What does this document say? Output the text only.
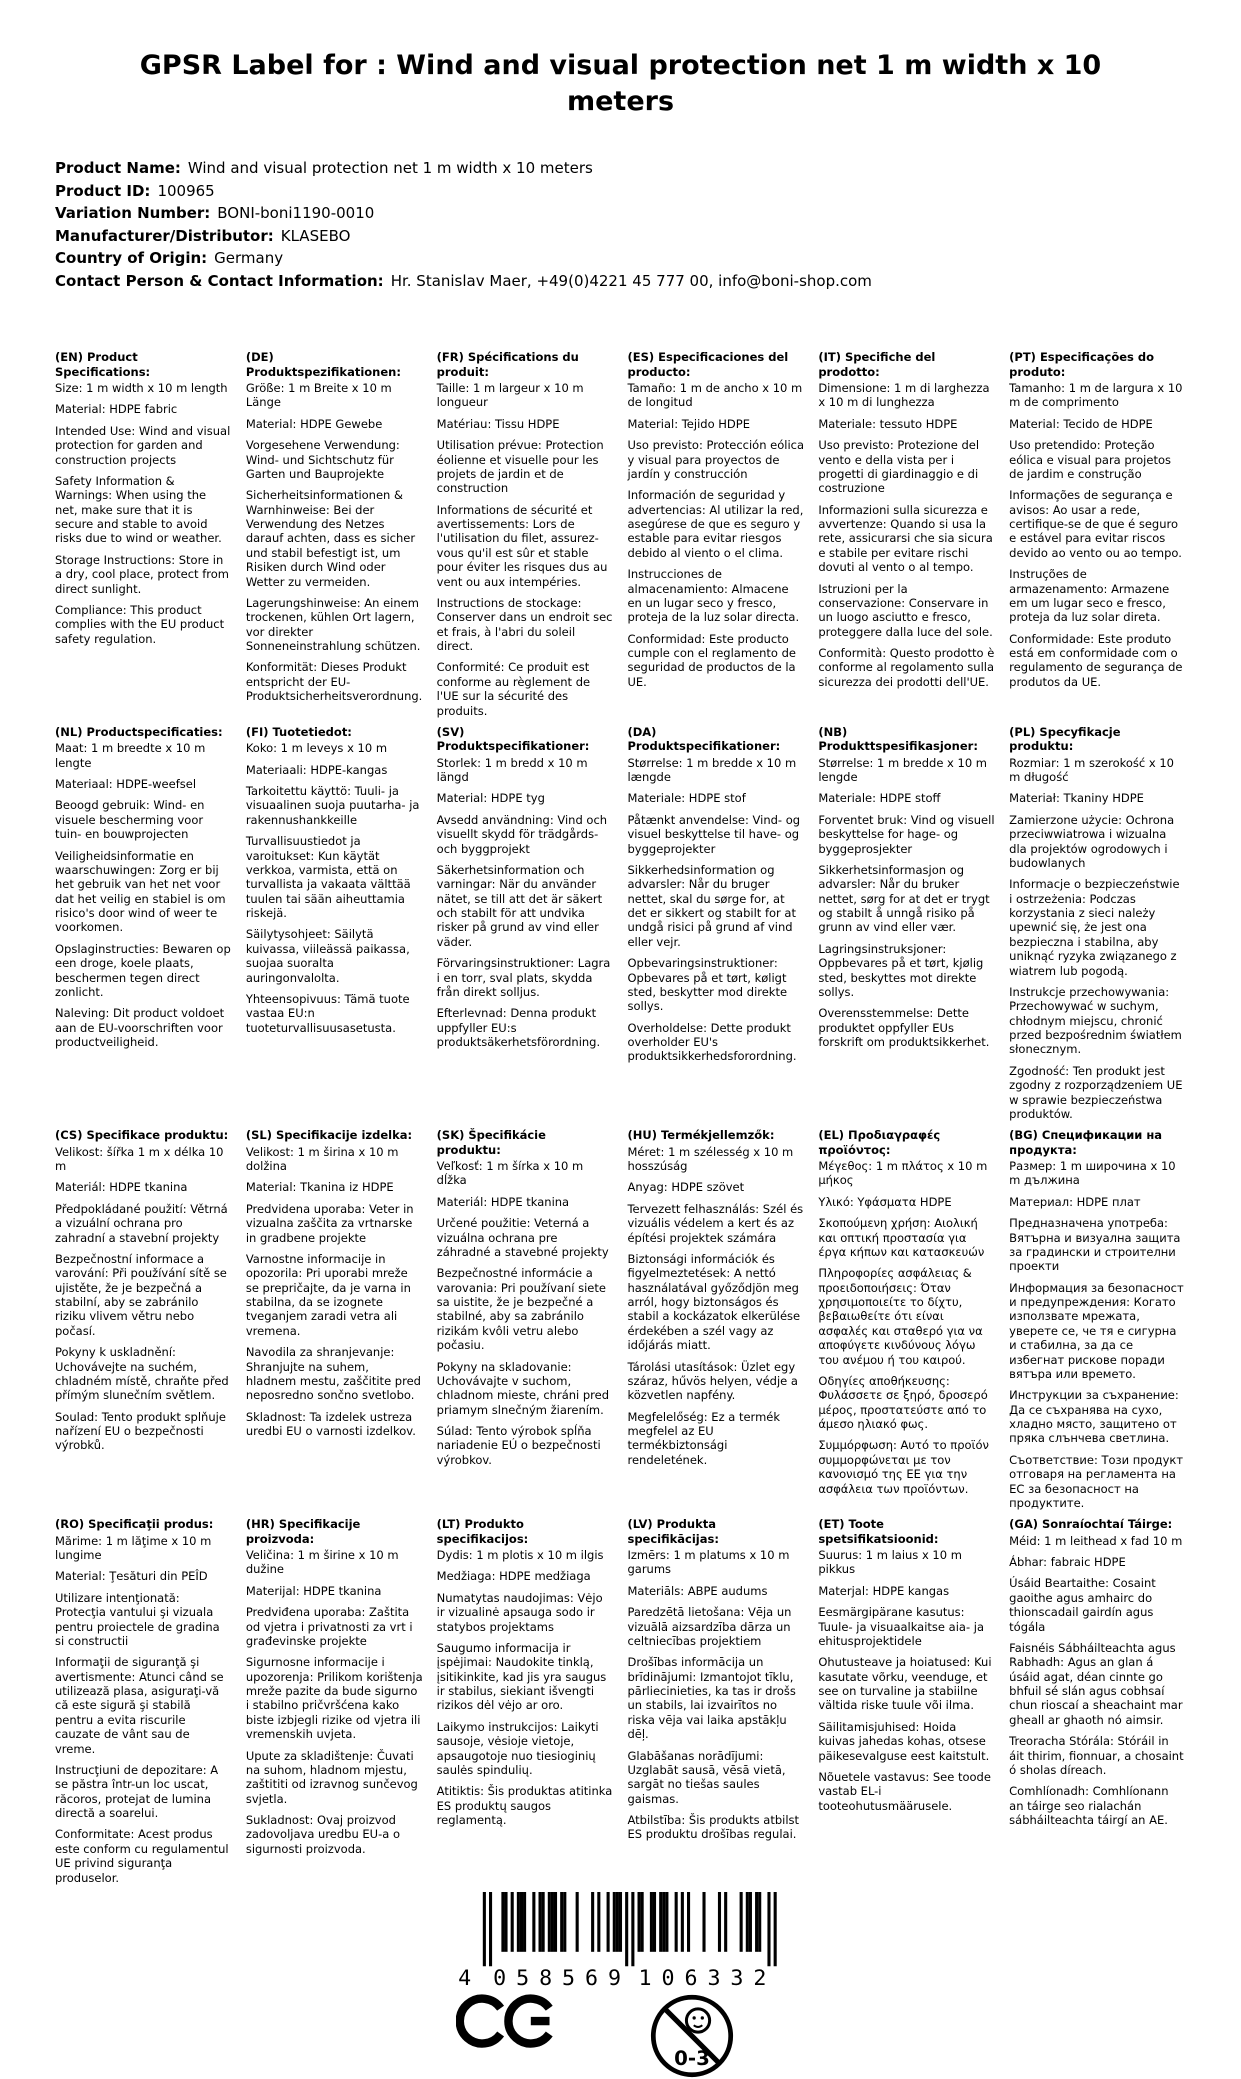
GPSR Label for : Wind and visual protection net 1 m width x 10 meters
Product Name: Wind and visual protection net 1 m width x 10 meters
Product ID: 100965
Variation Number: BONI-boni1190-0010
Manufacturer/Distributor: KLASEBO
Country of Origin: Germany
Contact Person & Contact Information: Hr. Stanislav Maer, +49(0)4221 45 777 00, info@boni-shop.com
(EN) Product Specifications:
Size: 1 m width x 10 m length
Material: HDPE fabric
Intended Use: Wind and visual protection for garden and construction projects
Safety Information & Warnings: When using the net, make sure that it is secure and stable to avoid risks due to wind or weather.
Storage Instructions: Store in a dry, cool place, protect from direct sunlight.
Compliance: This product complies with the EU product safety regulation.
(DE) Produktspezifikationen:
Größe: 1 m Breite x 10 m Länge
Material: HDPE Gewebe
Vorgesehene Verwendung: Wind- und Sichtschutz für Garten und Bauprojekte
Sicherheitsinformationen & Warnhinweise: Bei der Verwendung des Netzes darauf achten, dass es sicher und stabil befestigt ist, um Risiken durch Wind oder Wetter zu vermeiden.
Lagerungshinweise: An einem trockenen, kühlen Ort lagern, vor direkter Sonneneinstrahlung schützen.
Konformität: Dieses Produkt entspricht der EU-Produktsicherheitsverordnung.
(FR) Spécifications du produit:
Taille: 1 m largeur x 10 m longueur
Matériau: Tissu HDPE
Utilisation prévue: Protection éolienne et visuelle pour les projets de jardin et de construction
Informations de sécurité et avertissements: Lors de l'utilisation du filet, assurez-vous qu'il est sûr et stable pour éviter les risques dus au vent ou aux intempéries.
Instructions de stockage: Conserver dans un endroit sec et frais, à l'abri du soleil direct.
Conformité: Ce produit est conforme au règlement de l'UE sur la sécurité des produits.
(ES) Especificaciones del producto:
Tamaño: 1 m de ancho x 10 m de longitud
Material: Tejido HDPE
Uso previsto: Protección eólica y visual para proyectos de jardín y construcción
Información de seguridad y advertencias: Al utilizar la red, asegúrese de que es seguro y estable para evitar riesgos debido al viento o el clima.
Instrucciones de almacenamiento: Almacene en un lugar seco y fresco, proteja de la luz solar directa.
Conformidad: Este producto cumple con el reglamento de seguridad de productos de la UE.
(IT) Specifiche del prodotto:
Dimensione: 1 m di larghezza x 10 m di lunghezza
Materiale: tessuto HDPE
Uso previsto: Protezione del vento e della vista per i progetti di giardinaggio e di costruzione
Informazioni sulla sicurezza e avvertenze: Quando si usa la rete, assicurarsi che sia sicura e stabile per evitare rischi dovuti al vento o al tempo.
Istruzioni per la conservazione: Conservare in un luogo asciutto e fresco, proteggere dalla luce del sole.
Conformità: Questo prodotto è conforme al regolamento sulla sicurezza dei prodotti dell'UE.
(PT) Especificações do produto:
Tamanho: 1 m de largura x 10 m de comprimento
Material: Tecido de HDPE
Uso pretendido: Proteção eólica e visual para projetos de jardim e construção
Informações de segurança e avisos: Ao usar a rede, certifique-se de que é seguro e estável para evitar riscos devido ao vento ou ao tempo.
Instruções de armazenamento: Armazene em um lugar seco e fresco, proteja da luz solar direta.
Conformidade: Este produto está em conformidade com o regulamento de segurança de produtos da UE.
(NL) Productspecificaties:
Maat: 1 m breedte x 10 m lengte
Materiaal: HDPE-weefsel
Beoogd gebruik: Wind- en visuele bescherming voor tuin- en bouwprojecten
Veiligheidsinformatie en waarschuwingen: Zorg er bij het gebruik van het net voor dat het veilig en stabiel is om risico's door wind of weer te voorkomen.
Opslaginstructies: Bewaren op een droge, koele plaats, beschermen tegen direct zonlicht.
Naleving: Dit product voldoet aan de EU-voorschriften voor productveiligheid.
(FI) Tuotetiedot:
Koko: 1 m leveys x 10 m
Materiaali: HDPE-kangas
Tarkoitettu käyttö: Tuuli- ja visuaalinen suoja puutarha- ja rakennushankkeille
Turvallisuustiedot ja varoitukset: Kun käytät verkkoa, varmista, että on turvallista ja vakaata välttää tuulen tai sään aiheuttamia riskejä.
Säilytysohjeet: Säilytä kuivassa, viileässä paikassa, suojaa suoralta auringonvalolta.
Yhteensopivuus: Tämä tuote vastaa EU:n tuoteturvallisuusasetusta.
(SV) Produktspecifikationer:
Storlek: 1 m bredd x 10 m längd
Material: HDPE tyg
Avsedd användning: Vind och visuellt skydd för trädgårds- och byggprojekt
Säkerhetsinformation och varningar: När du använder nätet, se till att det är säkert och stabilt för att undvika risker på grund av vind eller väder.
Förvaringsinstruktioner: Lagra i en torr, sval plats, skydda från direkt solljus.
Efterlevnad: Denna produkt uppfyller EU:s produktsäkerhetsförordning.
(DA) Produktspecifikationer:
Størrelse: 1 m bredde x 10 m længde
Materiale: HDPE stof
Påtænkt anvendelse: Vind- og visuel beskyttelse til have- og byggeprojekter
Sikkerhedsinformation og advarsler: Når du bruger nettet, skal du sørge for, at det er sikkert og stabilt for at undgå risici på grund af vind eller vejr.
Opbevaringsinstruktioner: Opbevares på et tørt, køligt sted, beskytter mod direkte sollys.
Overholdelse: Dette produkt overholder EU's produktsikkerhedsforordning.
(NB) Produkttspesifikasjoner:
Størrelse: 1 m bredde x 10 m lengde
Materiale: HDPE stoff
Forventet bruk: Vind og visuell beskyttelse for hage- og byggeprosjekter
Sikkerhetsinformasjon og advarsler: Når du bruker nettet, sørg for at det er trygt og stabilt å unngå risiko på grunn av vind eller vær.
Lagringsinstruksjoner: Oppbevares på et tørt, kjølig sted, beskyttes mot direkte sollys.
Overensstemmelse: Dette produktet oppfyller EUs forskrift om produktsikkerhet.
(PL) Specyfikacje produktu:
Rozmiar: 1 m szerokość x 10 m długość
Materiał: Tkaniny HDPE
Zamierzone użycie: Ochrona przeciwwiatrowa i wizualna dla projektów ogrodowych i budowlanych
Informacje o bezpieczeństwie i ostrzeżenia: Podczas korzystania z sieci należy upewnić się, że jest ona bezpieczna i stabilna, aby uniknąć ryzyka związanego z wiatrem lub pogodą.
Instrukcje przechowywania: Przechowywać w suchym, chłodnym miejscu, chronić przed bezpośrednim światłem słonecznym.
Zgodność: Ten produkt jest zgodny z rozporządzeniem UE w sprawie bezpieczeństwa produktów.
(CS) Specifikace produktu:
Velikost: šířka 1 m x délka 10 m
Materiál: HDPE tkanina
Předpokládané použití: Větrná a vizuální ochrana pro zahradní a stavební projekty
Bezpečnostní informace a varování: Při používání sítě se ujistěte, že je bezpečná a stabilní, aby se zabránilo riziku vlivem větru nebo počasí.
Pokyny k uskladnění: Uchovávejte na suchém, chladném místě, chraňte před přímým slunečním světlem.
Soulad: Tento produkt splňuje nařízení EU o bezpečnosti výrobků.
(SL) Specifikacije izdelka:
Velikost: 1 m širina x 10 m dolžina
Material: Tkanina iz HDPE
Predvidena uporaba: Veter in vizualna zaščita za vrtnarske in gradbene projekte
Varnostne informacije in opozorila: Pri uporabi mreže se prepričajte, da je varna in stabilna, da se izognete tveganjem zaradi vetra ali vremena.
Navodila za shranjevanje: Shranjujte na suhem, hladnem mestu, zaščitite pred neposredno sončno svetlobo.
Skladnost: Ta izdelek ustreza uredbi EU o varnosti izdelkov.
(SK) Špecifikácie produktu:
Veľkosť: 1 m šírka x 10 m dĺžka
Materiál: HDPE tkanina
Určené použitie: Veterná a vizuálna ochrana pre záhradné a stavebné projekty
Bezpečnostné informácie a varovania: Pri používaní siete sa uistite, že je bezpečné a stabilné, aby sa zabránilo rizikám kvôli vetru alebo počasiu.
Pokyny na skladovanie: Uchovávajte v suchom, chladnom mieste, chráni pred priamym slnečným žiarením.
Súlad: Tento výrobok spĺňa nariadenie EÚ o bezpečnosti výrobkov.
(HU) Termékjellemzők:
Méret: 1 m szélesség x 10 m hosszúság
Anyag: HDPE szövet
Tervezett felhasználás: Szél és vizuális védelem a kert és az építési projektek számára
Biztonsági információk és figyelmeztetések: A nettó használatával győződjön meg arról, hogy biztonságos és stabil a kockázatok elkerülése érdekében a szél vagy az időjárás miatt.
Tárolási utasítások: Üzlet egy száraz, hűvös helyen, védje a közvetlen napfény.
Megfelelőség: Ez a termék megfelel az EU termékbiztonsági rendeletének.
(EL) Προδιαγραφές προϊόντος:
Μέγεθος: 1 m πλάτος x 10 m μήκος
Υλικό: Υφάσματα HDPE
Σκοπούμενη χρήση: Αιολική και οπτική προστασία για έργα κήπων και κατασκευών
Πληροφορίες ασφάλειας & προειδοποιήσεις: Όταν χρησιμοποιείτε το δίχτυ, βεβαιωθείτε ότι είναι ασφαλές και σταθερό για να αποφύγετε κινδύνους λόγω του ανέμου ή του καιρού.
Οδηγίες αποθήκευσης: Φυλάσσετε σε ξηρό, δροσερό μέρος, προστατεύστε από το άμεσο ηλιακό φως.
Συμμόρφωση: Αυτό το προϊόν συμμορφώνεται με τον κανονισμό της ΕΕ για την ασφάλεια των προϊόντων.
(BG) Спецификации на продукта:
Размер: 1 m широчина x 10 m дължина
Материал: HDPE плат
Предназначена употреба: Вятърна и визуална защита за градински и строителни проекти
Информация за безопасност и предупреждения: Когато използвате мрежата, уверете се, че тя е сигурна и стабилна, за да се избегнат рискове поради вятъра или времето.
Инструкции за съхранение: Да се съхранява на сухо, хладно място, защитено от пряка слънчева светлина.
Съответствие: Този продукт отговаря на регламента на ЕС за безопасност на продуктите.
(RO) Specificaţii produs:
Mărime: 1 m lăţime x 10 m lungime
Material: Ţesături din PEÎD
Utilizare intenţionată: Protecţia vantului şi vizuala pentru proiectele de gradina si constructii
Informaţii de siguranţă şi avertismente: Atunci când se utilizează plasa, asiguraţi-vă că este sigură şi stabilă pentru a evita riscurile cauzate de vânt sau de vreme.
Instrucţiuni de depozitare: A se păstra într-un loc uscat, răcoros, protejat de lumina directă a soarelui.
Conformitate: Acest produs este conform cu regulamentul UE privind siguranţa produselor.
(HR) Specifikacije proizvoda:
Veličina: 1 m širine x 10 m dužine
Materijal: HDPE tkanina
Predviđena uporaba: Zaštita od vjetra i privatnosti za vrt i građevinske projekte
Sigurnosne informacije i upozorenja: Prilikom korištenja mreže pazite da bude sigurno i stabilno pričvršćena kako biste izbjegli rizike od vjetra ili vremenskih uvjeta.
Upute za skladištenje: Čuvati na suhom, hladnom mjestu, zaštititi od izravnog sunčevog svjetla.
Sukladnost: Ovaj proizvod zadovoljava uredbu EU-a o sigurnosti proizvoda.
(LT) Produkto specifikacijos:
Dydis: 1 m plotis x 10 m ilgis
Medžiaga: HDPE medžiaga
Numatytas naudojimas: Vėjo ir vizualinė apsauga sodo ir statybos projektams
Saugumo informacija ir įspėjimai: Naudokite tinklą, įsitikinkite, kad jis yra saugus ir stabilus, siekiant išvengti rizikos dėl vėjo ar oro.
Laikymo instrukcijos: Laikyti sausoje, vėsioje vietoje, apsaugotoje nuo tiesioginių saulės spindulių.
Atitiktis: Šis produktas atitinka ES produktų saugos reglamentą.
(LV) Produkta specifikācijas:
Izmērs: 1 m platums x 10 m garums
Materiāls: ABPE audums
Paredzētā lietošana: Vēja un vizuālā aizsardzība dārza un celtniecības projektiem
Drošības informācija un brīdinājumi: Izmantojot tīklu, pārliecinieties, ka tas ir drošs un stabils, lai izvairītos no riska vēja vai laika apstākļu dēļ.
Glabāšanas norādījumi: Uzglabāt sausā, vēsā vietā, sargāt no tiešas saules gaismas.
Atbilstība: Šis produkts atbilst ES produktu drošības regulai.
(ET) Toote spetsifikatsioonid:
Suurus: 1 m laius x 10 m pikkus
Materjal: HDPE kangas
Eesmärgipärane kasutus: Tuule- ja visuaalkaitse aia- ja ehitusprojektidele
Ohutusteave ja hoiatused: Kui kasutate võrku, veenduge, et see on turvaline ja stabiilne vältida riske tuule või ilma.
Säilitamisjuhised: Hoida kuivas jahedas kohas, otsese päikesevalguse eest kaitstult.
Nõuetele vastavus: See toode vastab EL-i tooteohutusmäärusele.
(GA) Sonraíochtaí Táirge:
Méid: 1 m leithead x fad 10 m
Ábhar: fabraic HDPE
Úsáid Beartaithe: Cosaint gaoithe agus amhairc do thionscadail gairdín agus tógála
Faisnéis Sábháilteachta agus Rabhadh: Agus an glan á úsáid agat, déan cinnte go bhfuil sé slán agus cobhsaí chun rioscaí a sheachaint mar gheall ar ghaoth nó aimsir.
Treoracha Stórála: Stóráil in áit thirim, fionnuar, a chosaint ó sholas díreach.
Comhlíonadh: Comhlíonann an táirge seo rialachán sábháilteachta táirgí an AE.
4 058569 106332
0-3
